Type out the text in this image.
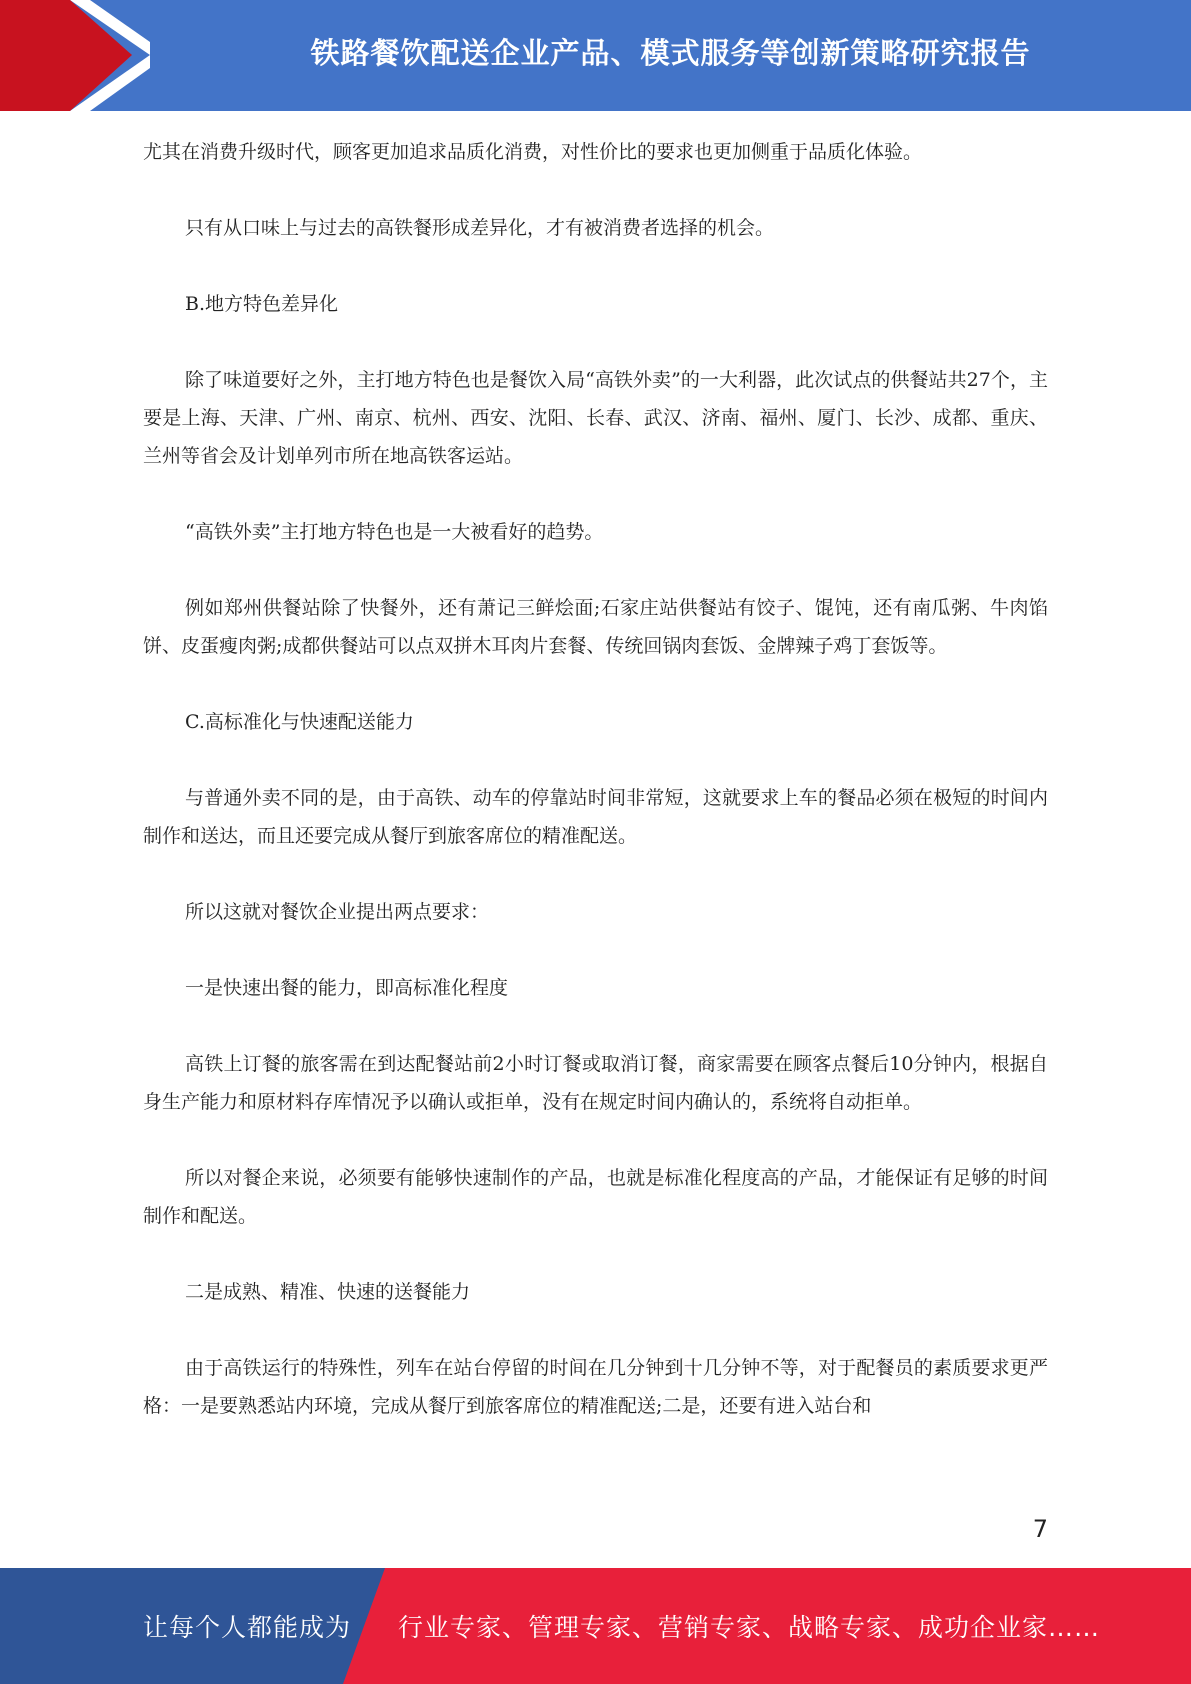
铁路餐饮配送企业产品、模式服务等创新策略研究报告

尤其在消费升级时代，顾客更加追求品质化消费，对性价比的要求也更加侧重于品质化体验。

只有从口味上与过去的高铁餐形成差异化，才有被消费者选择的机会。

B.地方特色差异化

除了味道要好之外，主打地方特色也是餐饮入局“高铁外卖”的一大利器，此次试点的供餐站共27个，主要是上海、天津、广州、南京、杭州、西安、沈阳、长春、武汉、济南、福州、厦门、长沙、成都、重庆、兰州等省会及计划单列市所在地高铁客运站。

“高铁外卖”主打地方特色也是一大被看好的趋势。

例如郑州供餐站除了快餐外，还有萧记三鲜烩面;石家庄站供餐站有饺子、馄饨，还有南瓜粥、牛肉馅饼、皮蛋瘦肉粥;成都供餐站可以点双拼木耳肉片套餐、传统回锅肉套饭、金牌辣子鸡丁套饭等。

C.高标准化与快速配送能力

与普通外卖不同的是，由于高铁、动车的停靠站时间非常短，这就要求上车的餐品必须在极短的时间内制作和送达，而且还要完成从餐厅到旅客席位的精准配送。

所以这就对餐饮企业提出两点要求：

一是快速出餐的能力，即高标准化程度

高铁上订餐的旅客需在到达配餐站前2小时订餐或取消订餐，商家需要在顾客点餐后10分钟内，根据自身生产能力和原材料存库情况予以确认或拒单，没有在规定时间内确认的，系统将自动拒单。

所以对餐企来说，必须要有能够快速制作的产品，也就是标准化程度高的产品，才能保证有足够的时间制作和配送。

二是成熟、精准、快速的送餐能力

由于高铁运行的特殊性，列车在站台停留的时间在几分钟到十几分钟不等，对于配餐员的素质要求更严格：一是要熟悉站内环境，完成从餐厅到旅客席位的精准配送;二是，还要有进入站台和

7
让每个人都能成为 行业专家、管理专家、营销专家、战略专家、成功企业家……
